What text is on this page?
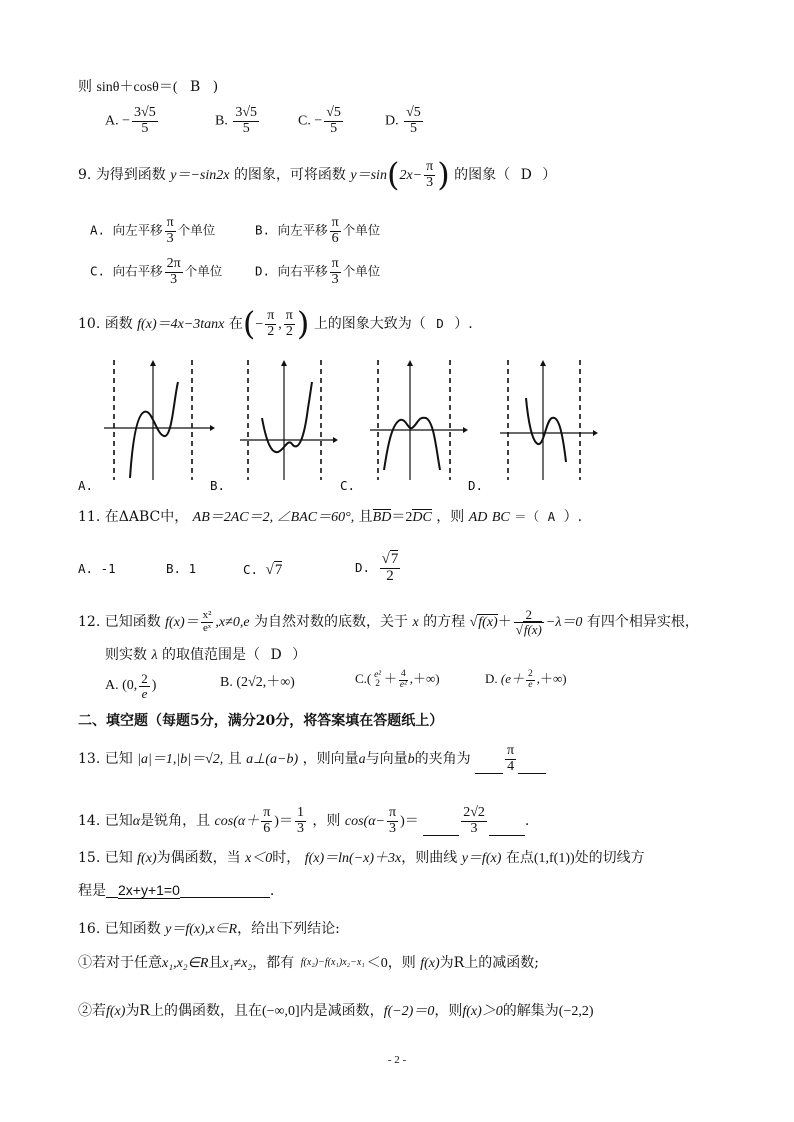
则 sinθ＋cosθ＝( B )
A. − $\frac{3√5}{5}$	B. $\frac{3√5}{5}$	C. − $\frac{√5}{5}$	D. $\frac{√5}{5}$
9. 为得到函数 y＝−sin2x 的图象，可将函数 $y=\sin(2x- \frac{\pi}{3}$ ) 的图象（ D ）
A. 向左平移 $\frac{\pi}{3}$ 个单位	B. 向左平移 $\frac{\pi}{6}$ 个单位
C. 向右平移 $\frac{2\pi}{3}$ 个单位	D. 向右平移 $\frac{\pi}{3}$ 个单位
10. 函数 f(x)＝4x−3tanx 在(− $\frac{\pi}{2}$ , $\frac{\pi}{2}$ ) 上的图象大致为（ D ）.
A.	B.	C.	D.
11. 在ΔABC中， AB＝2AC＝2, ∠BAC＝60°, 且BD＝2DC ，则 AD BC ＝（ A ）.
A. -1	B. 1	C. √7	D. $\frac{√7}{2}$
12. 已知函数 $f(x)= \frac{\text{x²}}{\text{eˣ}} ,x\ne 0,e$ 为自然对数的底数，关于 x 的方程 $√f(x)+ \frac{2}{√f(x)} -\lambda=0$ 有四个相异实根，
则实数 λ 的取值范围是（ D ）
A. (0, $\frac{2}{e}$ )	B. (2√2,＋∞)	C.( e²
$2 + \frac{4}{\text{e²}}$ ,＋∞)	D. ($e+ \frac{2}{e}$ ,＋∞)
二、填空题（每题5分，满分20分，将答案填在答题纸上）
13. 已知 |a|＝1,|b|＝√2, 且 a⊥(a−b) ，则向量a与向量b的夹角为 $\frac{\pi}{4}$
14. 已知α是锐角，且 $\cos(\alpha+ \frac{\pi}{6}$ )＝ $\frac{1}{3}$ ，则 $\cos(\alpha- \frac{\pi}{3}$ )＝	$\frac{2√2}{3}$	.
15. 已知 f(x)为偶函数，当 x＜0时， f(x)＝ln(−x)＋3x，则曲线 y＝f(x) 在点(1,f(1))处的切线方
程是 2x+y+1=0	.
16. 已知函数 y＝f(x),x∈R，给出下列结论:
①若对于任意x₁,x₂∈R且x₁≠x₂，都有 f(x₂)−f(x₁)x₂−x₁ ＜0，则 f(x)为R上的减函数;
②若f(x)为R上的偶函数，且在(−∞,0]内是减函数，f(−2)＝0，则f(x)＞0的解集为(−2,2)
- 2 -
